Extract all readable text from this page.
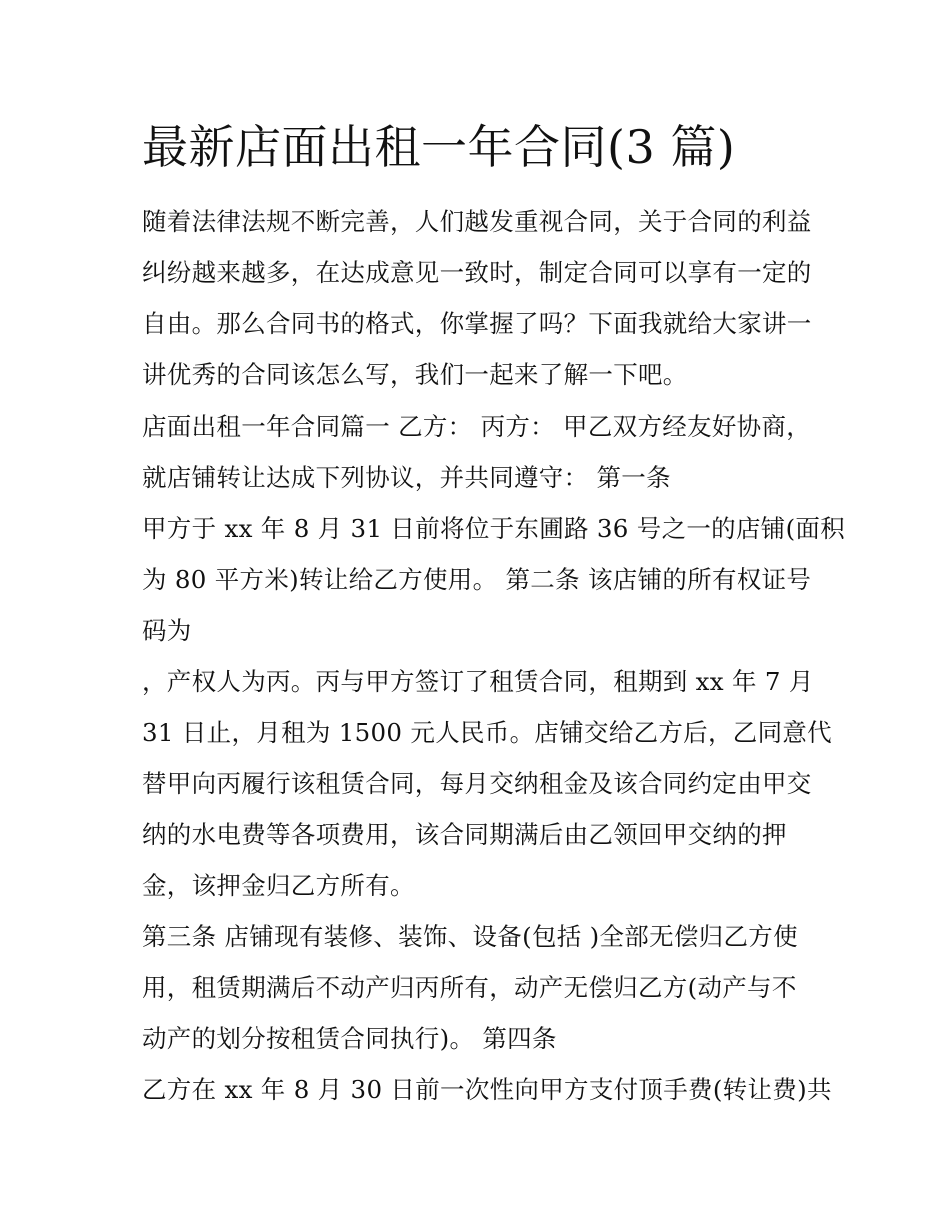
最新店面出租一年合同(3 篇)

随着法律法规不断完善，人们越发重视合同，关于合同的利益

纠纷越来越多，在达成意见一致时，制定合同可以享有一定的

自由。那么合同书的格式，你掌握了吗？下面我就给大家讲一

讲优秀的合同该怎么写，我们一起来了解一下吧。

店面出租一年合同篇一 乙方： 丙方： 甲乙双方经友好协商，

就店铺转让达成下列协议，并共同遵守： 第一条

甲方于 xx 年 8 月 31 日前将位于东圃路 36 号之一的店铺(面积

为 80 平方米)转让给乙方使用。 第二条 该店铺的所有权证号

码为

，产权人为丙。丙与甲方签订了租赁合同，租期到 xx 年 7 月

31 日止，月租为 1500 元人民币。店铺交给乙方后，乙同意代

替甲向丙履行该租赁合同，每月交纳租金及该合同约定由甲交

纳的水电费等各项费用，该合同期满后由乙领回甲交纳的押

金，该押金归乙方所有。

第三条 店铺现有装修、装饰、设备(包括 )全部无偿归乙方使

用，租赁期满后不动产归丙所有，动产无偿归乙方(动产与不

动产的划分按租赁合同执行)。 第四条

乙方在 xx 年 8 月 30 日前一次性向甲方支付顶手费(转让费)共
